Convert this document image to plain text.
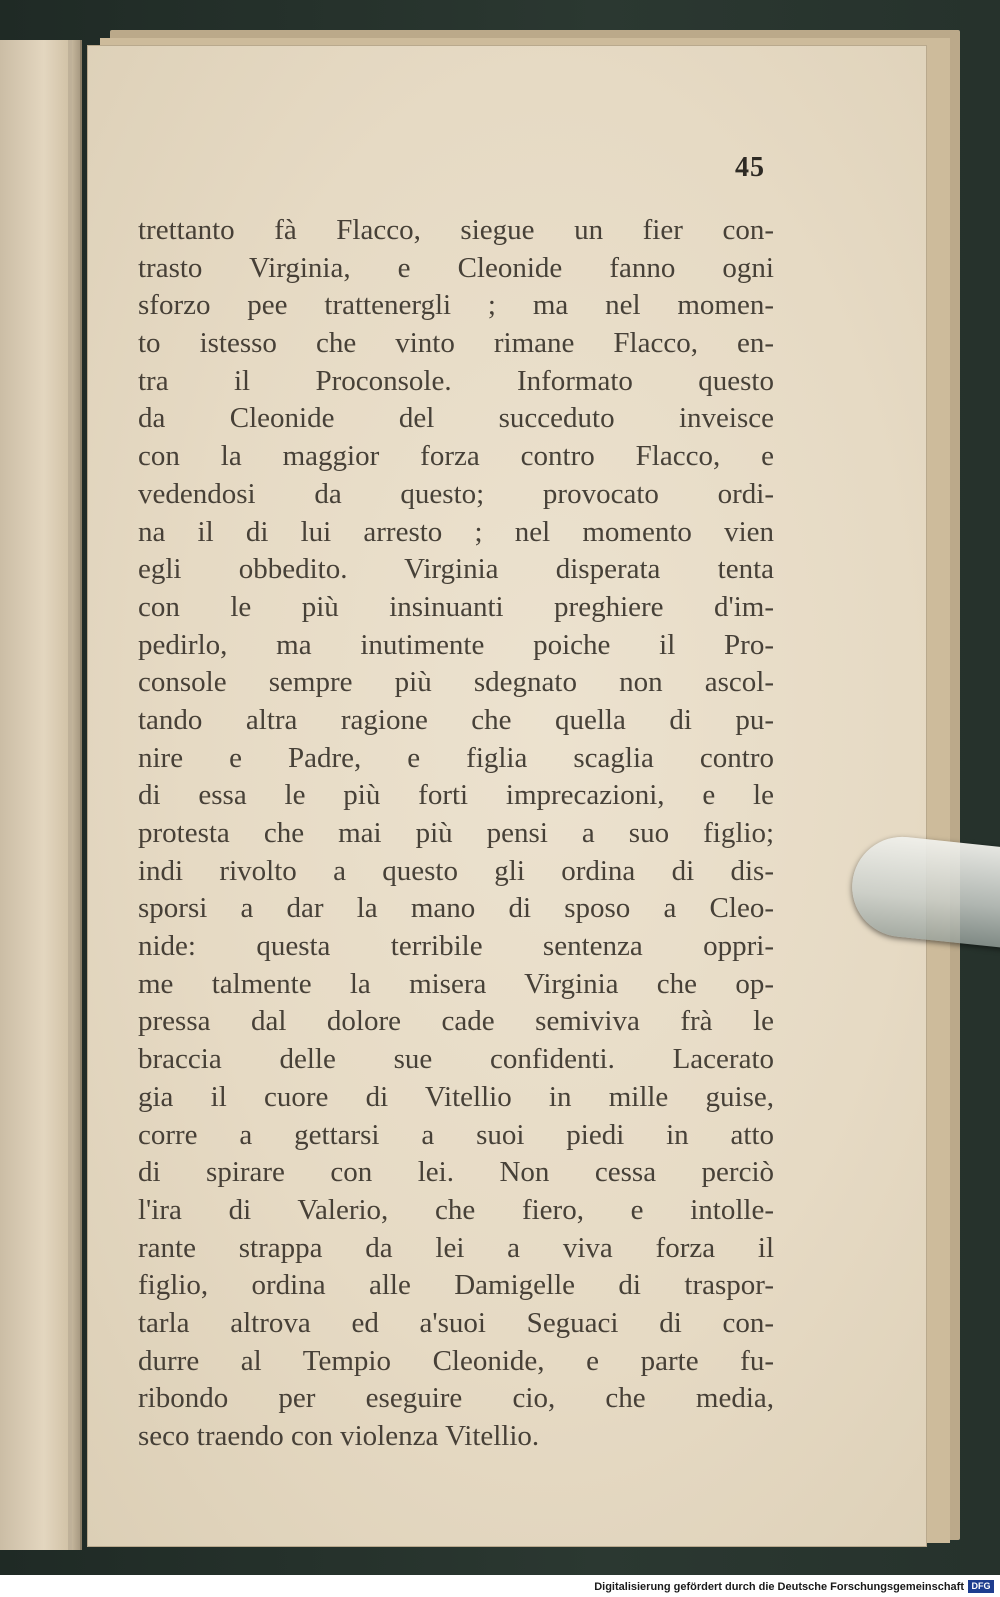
45
trettanto fà Flacco, siegue un fier con-
trasto Virginia, e Cleonide fanno ogni
sforzo pee trattenergli ; ma nel momen-
to istesso che vinto rimane Flacco, en-
tra il Proconsole. Informato questo
da Cleonide del succeduto inveisce
con la maggior forza contro Flacco, e
vedendosi da questo; provocato ordi-
na il di lui arresto ; nel momento vien
egli obbedito. Virginia disperata tenta
con le più insinuanti preghiere d'im-
pedirlo, ma inutimente poiche il Pro-
console sempre più sdegnato non ascol-
tando altra ragione che quella di pu-
nire e Padre, e figlia scaglia contro
di essa le più forti imprecazioni, e le
protesta che mai più pensi a suo figlio;
indi rivolto a questo gli ordina di dis-
sporsi a dar la mano di sposo a Cleo-
nide: questa terribile sentenza oppri-
me talmente la misera Virginia che op-
pressa dal dolore cade semiviva frà le
braccia delle sue confidenti. Lacerato
gia il cuore di Vitellio in mille guise,
corre a gettarsi a suoi piedi in atto
di spirare con lei. Non cessa perciò
l'ira di Valerio, che fiero, e intolle-
rante strappa da lei a viva forza il
figlio, ordina alle Damigelle di traspor-
tarla altrova ed a'suoi Seguaci di con-
durre al Tempio Cleonide, e parte fu-
ribondo per eseguire cio, che media,
seco traendo con violenza Vitellio.
Digitalisierung gefördert durch die Deutsche Forschungsgemeinschaft DFG
